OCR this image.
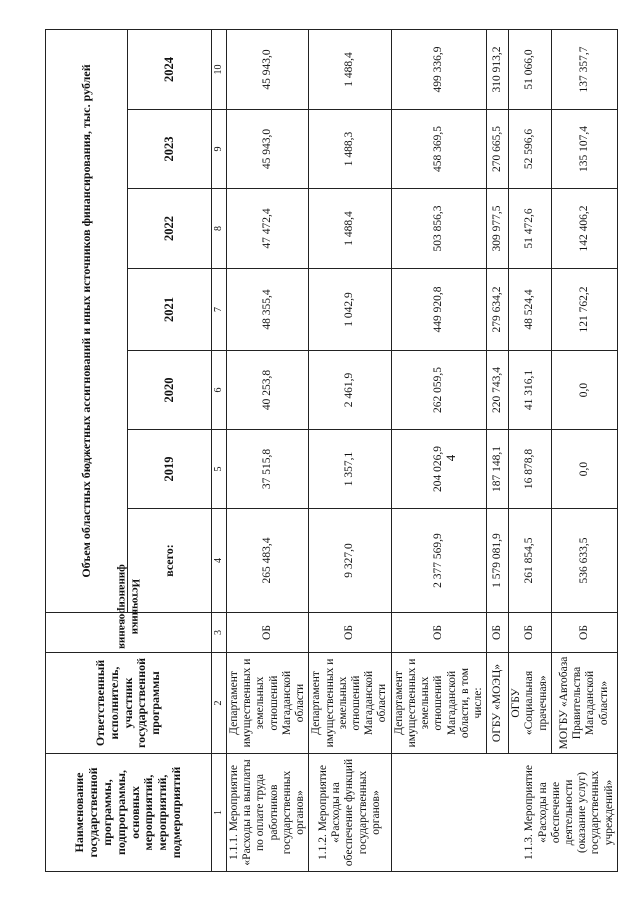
4
Наименование государственной программы, подпрограммы, основных мероприятий, мероприятий, подмероприятий	Ответственный исполнитель, участник государственной программы	Источники финансирования	Объем областных бюджетных ассигнований и иных источников финансирования, тыс. рублей						
			всего:	2019	2020	2021	2022	2023	2024
1	2	3	4	5	6	7	8	9	10
1.1.1. Мероприятие «Расходы на выплаты по оплате труда работников государственных органов»	Департамент имущественных и земельных отношений Магаданской области	ОБ	265 483,4	37 515,8	40 253,8	48 355,4	47 472,4	45 943,0	45 943,0
1.1.2. Мероприятие «Расходы на обеспечение функций государственных органов»	Департамент имущественных и земельных отношений Магаданской области	ОБ	9 327,0	1 357,1	2 461,9	1 042,9	1 488,4	1 488,3	1 488,4
1.1.3. Мероприятие «Расходы на обеспечение деятельности (оказание услуг) государственных учреждений»	Департамент имущественных и земельных отношений Магаданской области, в том числе:	ОБ	2 377 569,9	204 026,9	262 059,5	449 920,8	503 856,3	458 369,5	499 336,9
	ОГБУ «МОЭЦ»	ОБ	1 579 081,9	187 148,1	220 743,4	279 634,2	309 977,5	270 665,5	310 913,2
	ОГБУ «Социальная прачечная»	ОБ	261 854,5	16 878,8	41 316,1	48 524,4	51 472,6	52 596,6	51 066,0
	МОГБУ «Автобаза Правительства Магаданской области»	ОБ	536 633,5	0,0	0,0	121 762,2	142 406,2	135 107,4	137 357,7
